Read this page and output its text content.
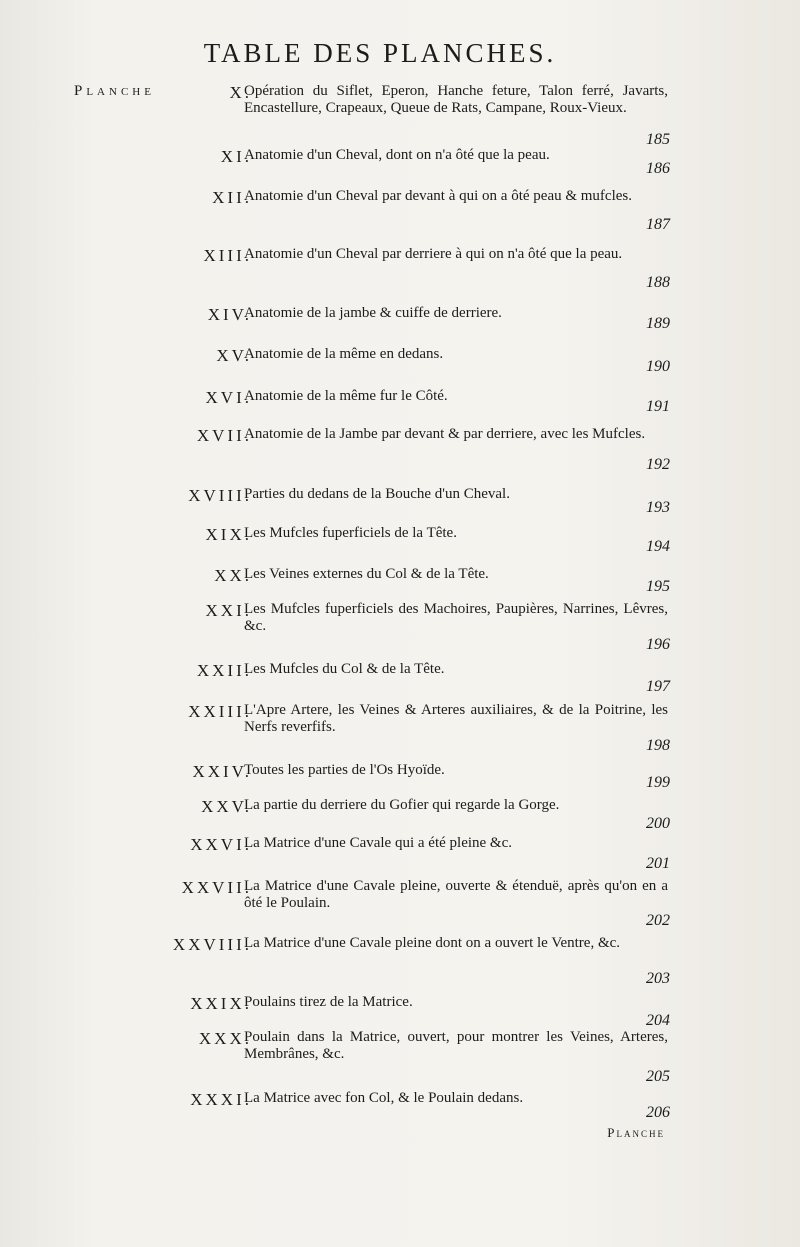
TABLE DES PLANCHES.
Planche	X.
Opération du Siflet, Eperon, Hanche feture, Talon ferré, Javarts, Encastellure, Crapeaux, Queue de Rats, Campane, Roux-Vieux.
185
XI.
Anatomie d'un Cheval, dont on n'a ôté que la peau.
186
XII.
Anatomie d'un Cheval par devant à qui on a ôté peau & mufcles.
187
XIII.
Anatomie d'un Cheval par derriere à qui on n'a ôté que la peau.
188
XIV.
Anatomie de la jambe & cuiffe de derriere.
189
XV.
Anatomie de la même en dedans.
190
XVI.
Anatomie de la même fur le Côté.
191
XVII.
Anatomie de la Jambe par devant & par derriere, avec les Mufcles.
192
XVIII.
Parties du dedans de la Bouche d'un Cheval.
193
XIX.
Les Mufcles fuperficiels de la Tête.
194
XX.
Les Veines externes du Col & de la Tête.
195
XXI.
Les Mufcles fuperficiels des Machoires, Paupières, Narrines, Lêvres, &c.
196
XXII.
Les Mufcles du Col & de la Tête.
197
XXIII.
L'Apre Artere, les Veines & Arteres auxiliaires, & de la Poitrine, les Nerfs reverfifs.
198
XXIV.
Toutes les parties de l'Os Hyoïde.
199
XXV.
La partie du derriere du Gofier qui regarde la Gorge.
200
XXVI.
La Matrice d'une Cavale qui a été pleine &c.
201
XXVII.
La Matrice d'une Cavale pleine, ouverte & étenduë, après qu'on en a ôté le Poulain.
202
XXVIII.
La Matrice d'une Cavale pleine dont on a ouvert le Ventre, &c.
203
XXIX.
Poulains tirez de la Matrice.
204
XXX.
Poulain dans la Matrice, ouvert, pour montrer les Veines, Arteres, Membrânes, &c.
205
XXXI.
La Matrice avec fon Col, & le Poulain dedans.
206
Planche
